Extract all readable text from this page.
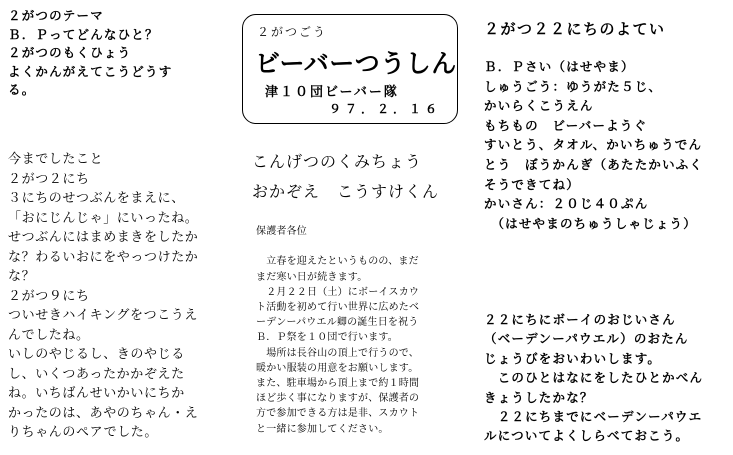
２がつのテーマ
Ｂ．Ｐってどんなひと？
２がつのもくひょう
よくかんがえてこうどうす
る。
今までしたこと
２がつ２にち
３にちのせつぶんをまえに、
「おにじんじゃ」にいったね。
せつぶんにはまめまきをしたか
な？わるいおにをやっつけたか
な？
２がつ９にち
ついせきハイキングをつこうえ
んでしたね。
いしのやじるし、きのやじる
し、いくつあったかかぞえた
ね。いちばんせいかいにちか
かったのは、あやのちゃん・え
りちゃんのペアでした。
２がつごう
ビーバーつうしん
津１０団ビーバー隊
９７．２．１６
こんげつのくみちょう
おかぞえ　こうすけくん
保護者各位

　立春を迎えたというものの、まだ
まだ寒い日が続きます。
　２月２２日（土）にボーイスカウ
ト活動を初めて行い世界に広めたベ
ーデンーパウエル卿の誕生日を祝う
Ｂ．Ｐ祭を１０団で行います。
　場所は長谷山の頂上で行うので、
暖かい服装の用意をお願いします。
また、駐車場から頂上まで約１時間
ほど歩く事になりますが、保護者の
方で参加できる方は是非、スカウト
と一緒に参加してください。
２がつ２２にちのよてい
Ｂ．Ｐさい（はせやま）
しゅうごう：ゆうがた５じ、
かいらくこうえん
もちもの　ビーバーようぐ
すいとう、タオル、かいちゅうでん
とう　ぼうかんぎ（あたたかいふく
そうできてね）
かいさん：２０じ４０ぷん
　（はせやまのちゅうしゃじょう）
２２にちにボーイのおじいさん
（ベーデンーパウエル）のおたん
じょうびをおいわいします。
　このひとはなにをしたひとかべん
きょうしたかな？
　２２にちまでにベーデンーパウエ
ルについてよくしらべておこう。
